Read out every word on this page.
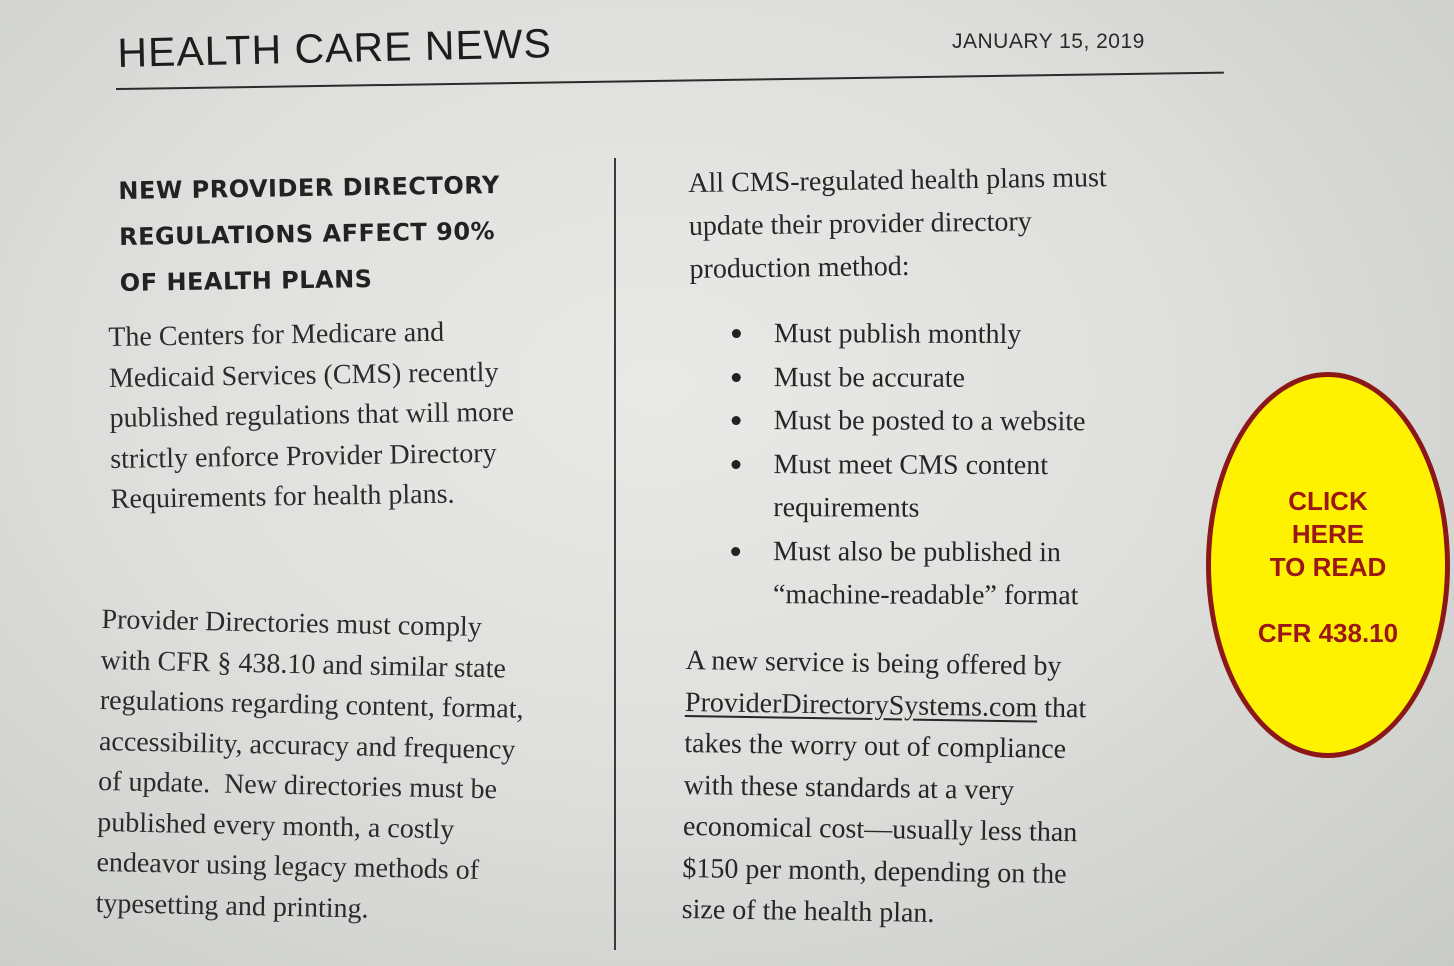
HEALTH CARE NEWS	JANUARY 15, 2019
NEW PROVIDER DIRECTORY
REGULATIONS AFFECT 90%
OF HEALTH PLANS
The Centers for Medicare and
Medicaid Services (CMS) recently
published regulations that will more
strictly enforce Provider Directory
Requirements for health plans.
Provider Directories must comply
with CFR § 438.10 and similar state
regulations regarding content, format,
accessibility, accuracy and frequency
of update.  New directories must be
published every month, a costly
endeavor using legacy methods of
typesetting and printing.
All CMS-regulated health plans must
update their provider directory
production method:
Must publish monthly
Must be accurate
Must be posted to a website
Must meet CMS content
requirements
Must also be published in
“machine-readable” format
A new service is being offered by
ProviderDirectorySystems.com that
takes the worry out of compliance
with these standards at a very
economical cost—usually less than
$150 per month, depending on the
size of the health plan.
CLICK
HERE
TO READ
CFR 438.10
